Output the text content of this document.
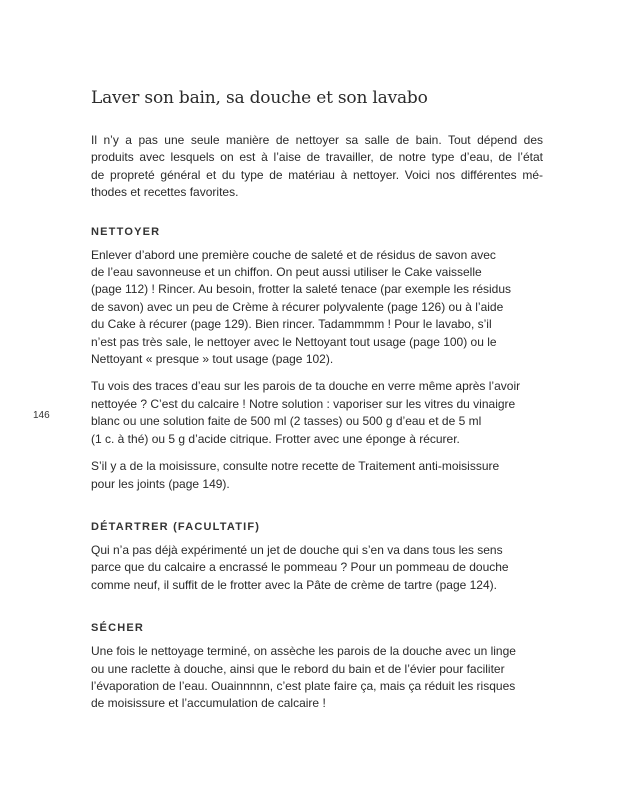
146
Laver son bain, sa douche et son lavabo
Il n’y a pas une seule manière de nettoyer sa salle de bain. Tout dépend des
produits avec lesquels on est à l’aise de travailler, de notre type d’eau, de l’état
de propreté général et du type de matériau à nettoyer. Voici nos différentes mé-
thodes et recettes favorites.
NETTOYER
Enlever d’abord une première couche de saleté et de résidus de savon avec
de l’eau savonneuse et un chiffon. On peut aussi utiliser le Cake vaisselle
(page 112) ! Rincer. Au besoin, frotter la saleté tenace (par exemple les résidus
de savon) avec un peu de Crème à récurer polyvalente (page 126) ou à l’aide
du Cake à récurer (page 129). Bien rincer. Tadammmm ! Pour le lavabo, s’il
n’est pas très sale, le nettoyer avec le Nettoyant tout usage (page 100) ou le
Nettoyant « presque » tout usage (page 102).
Tu vois des traces d’eau sur les parois de ta douche en verre même après l’avoir
nettoyée ? C’est du calcaire ! Notre solution : vaporiser sur les vitres du vinaigre
blanc ou une solution faite de 500 ml (2 tasses) ou 500 g d’eau et de 5 ml
(1 c. à thé) ou 5 g d’acide citrique. Frotter avec une éponge à récurer.
S’il y a de la moisissure, consulte notre recette de Traitement anti-moisissure
pour les joints (page 149).
DÉTARTRER (FACULTATIF)
Qui n’a pas déjà expérimenté un jet de douche qui s’en va dans tous les sens
parce que du calcaire a encrassé le pommeau ? Pour un pommeau de douche
comme neuf, il suffit de le frotter avec la Pâte de crème de tartre (page 124).
SÉCHER
Une fois le nettoyage terminé, on assèche les parois de la douche avec un linge
ou une raclette à douche, ainsi que le rebord du bain et de l’évier pour faciliter
l’évaporation de l’eau. Ouainnnnn, c’est plate faire ça, mais ça réduit les risques
de moisissure et l’accumulation de calcaire !
